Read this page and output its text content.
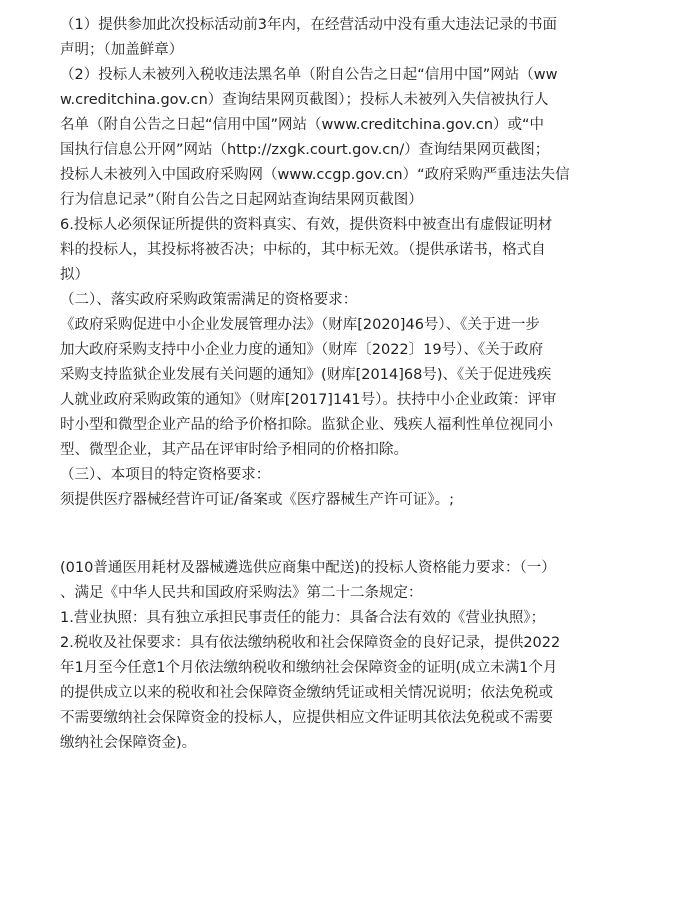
（1）提供参加此次投标活动前3年内，在经营活动中没有重大违法记录的书面
声明；（加盖鲜章）
（2）投标人未被列入税收违法黑名单（附自公告之日起“信用中国”网站（ww
w.creditchina.gov.cn）查询结果网页截图）；投标人未被列入失信被执行人
名单（附自公告之日起“信用中国”网站（www.creditchina.gov.cn）或“中
国执行信息公开网”网站（http://zxgk.court.gov.cn/）查询结果网页截图；
投标人未被列入中国政府采购网（www.ccgp.gov.cn）“政府采购严重违法失信
行为信息记录”（附自公告之日起网站查询结果网页截图）
6.投标人必须保证所提供的资料真实、有效，提供资料中被查出有虚假证明材
料的投标人，其投标将被否决；中标的，其中标无效。（提供承诺书，格式自
拟）
（二）、落实政府采购政策需满足的资格要求：
《政府采购促进中小企业发展管理办法》（财库[2020]46号）、《关于进一步
加大政府采购支持中小企业力度的通知》（财库〔2022〕19号）、《关于政府
采购支持监狱企业发展有关问题的通知》(财库[2014]68号)、《关于促进残疾
人就业政府采购政策的通知》（财库[2017]141号）。扶持中小企业政策：评审
时小型和微型企业产品的给予价格扣除。监狱企业、残疾人福利性单位视同小
型、微型企业，其产品在评审时给予相同的价格扣除。
（三）、本项目的特定资格要求：
须提供医疗器械经营许可证/备案或《医疗器械生产许可证》。;
(010普通医用耗材及器械遴选供应商集中配送)的投标人资格能力要求：（一）
、满足《中华人民共和国政府采购法》第二十二条规定：
1.营业执照：具有独立承担民事责任的能力：具备合法有效的《营业执照》；
2.税收及社保要求：具有依法缴纳税收和社会保障资金的良好记录，提供2022
年1月至今任意1个月依法缴纳税收和缴纳社会保障资金的证明(成立未满1个月
的提供成立以来的税收和社会保障资金缴纳凭证或相关情况说明；依法免税或
不需要缴纳社会保障资金的投标人，应提供相应文件证明其依法免税或不需要
缴纳社会保障资金)。
